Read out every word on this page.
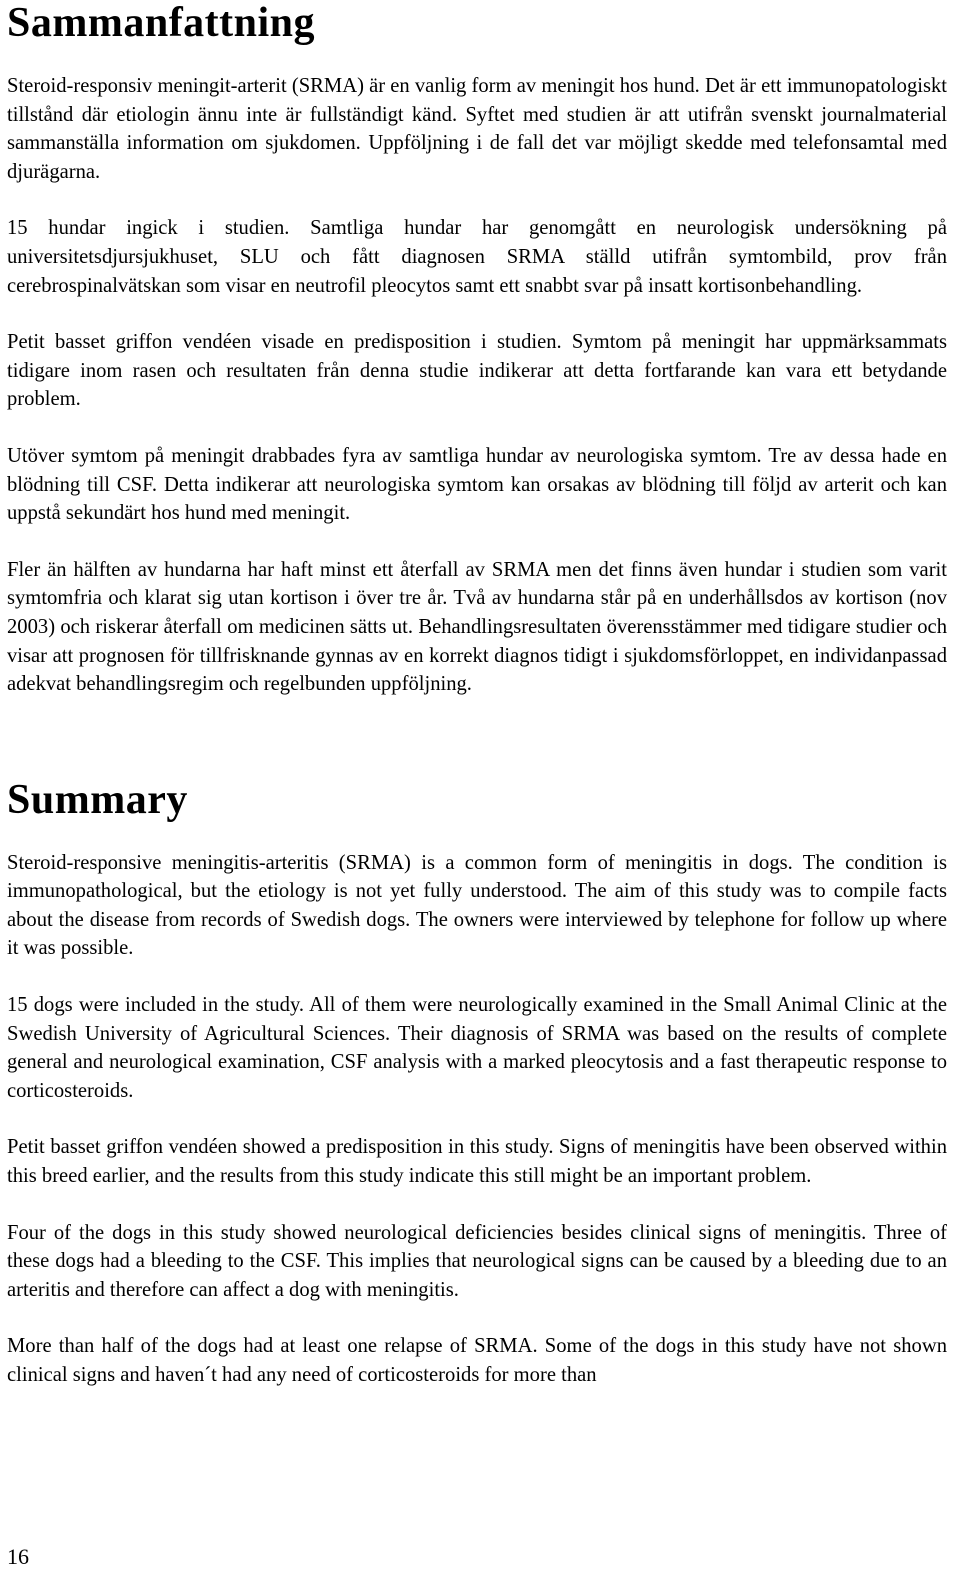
Sammanfattning

Steroid-responsiv meningit-arterit (SRMA) är en vanlig form av meningit hos hund. Det är ett immunopatologiskt tillstånd där etiologin ännu inte är fullständigt känd. Syftet med studien är att utifrån svenskt journalmaterial sammanställa information om sjukdomen. Uppföljning i de fall det var möjligt skedde med telefonsamtal med djurägarna.

15 hundar ingick i studien. Samtliga hundar har genomgått en neurologisk undersökning på universitetsdjursjukhuset, SLU och fått diagnosen SRMA ställd utifrån symtombild, prov från cerebrospinalvätskan som visar en neutrofil pleocytos samt ett snabbt svar på insatt kortisonbehandling.

Petit basset griffon vendéen visade en predisposition i studien. Symtom på meningit har uppmärksammats tidigare inom rasen och resultaten från denna studie indikerar att detta fortfarande kan vara ett betydande problem.

Utöver symtom på meningit drabbades fyra av samtliga hundar av neurologiska symtom. Tre av dessa hade en blödning till CSF. Detta indikerar att neurologiska symtom kan orsakas av blödning till följd av arterit och kan uppstå sekundärt hos hund med meningit.

Fler än hälften av hundarna har haft minst ett återfall av SRMA men det finns även hundar i studien som varit symtomfria och klarat sig utan kortison i över tre år. Två av hundarna står på en underhållsdos av kortison (nov 2003) och riskerar återfall om medicinen sätts ut. Behandlingsresultaten överensstämmer med tidigare studier och visar att prognosen för tillfrisknande gynnas av en korrekt diagnos tidigt i sjukdomsförloppet, en individanpassad adekvat behandlingsregim och regelbunden uppföljning.

Summary

Steroid-responsive meningitis-arteritis (SRMA) is a common form of meningitis in dogs. The condition is immunopathological, but the etiology is not yet fully understood. The aim of this study was to compile facts about the disease from records of Swedish dogs. The owners were interviewed by telephone for follow up where it was possible.

15 dogs were included in the study. All of them were neurologically examined in the Small Animal Clinic at the Swedish University of Agricultural Sciences. Their diagnosis of SRMA was based on the results of complete general and neurological examination, CSF analysis with a marked pleocytosis and a fast therapeutic response to corticosteroids.

Petit basset griffon vendéen showed a predisposition in this study. Signs of meningitis have been observed within this breed earlier, and the results from this study indicate this still might be an important problem.

Four of the dogs in this study showed neurological deficiencies besides clinical signs of meningitis. Three of these dogs had a bleeding to the CSF. This implies that neurological signs can be caused by a bleeding due to an arteritis and therefore can affect a dog with meningitis.

More than half of the dogs had at least one relapse of SRMA. Some of the dogs in this study have not shown clinical signs and haven´t had any need of corticosteroids for more than

16
